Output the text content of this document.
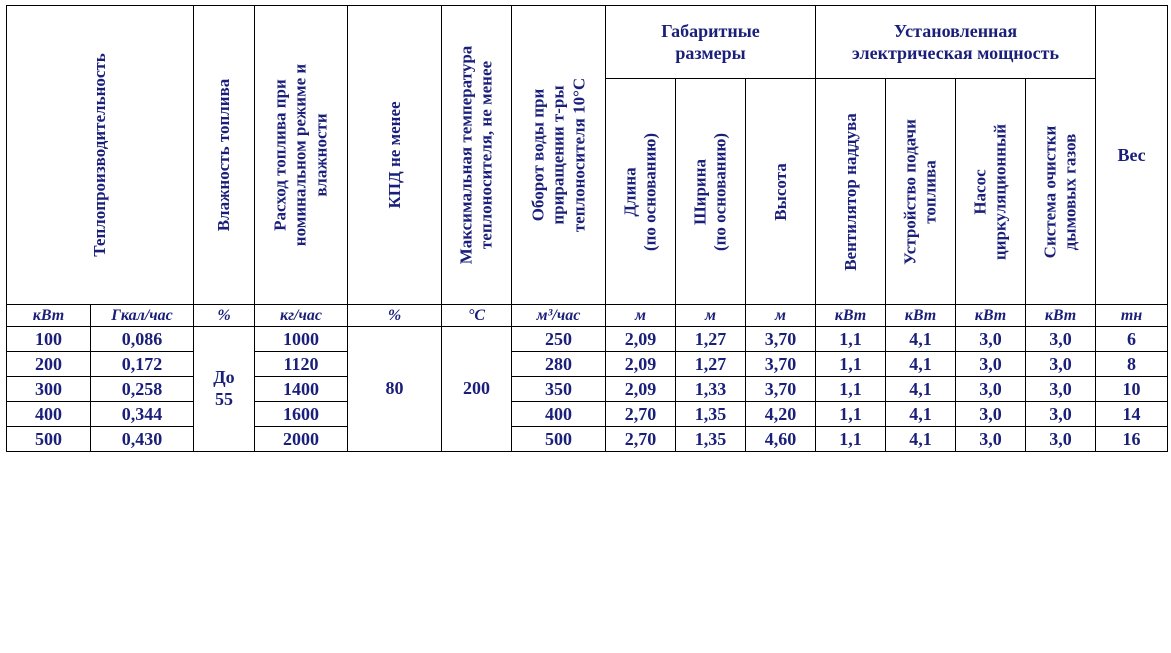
Теплопроизводительность		Влажность топлива	Расход топлива при
номинальном режиме и
влажности	КПД не менее	Максимальная температура
теплоносителя, не менее	Оборот воды при
приращении т-ры
теплоносителя 10°С	Габаритные
размеры			Установленная
электрическая мощность				Вес

							Длина
(по основанию)	Ширина
(по основанию)	Высота	Вентилятор наддува	Устройство подачи
топлива	Насос
циркуляционный	Система очистки
дымовых газов	

кВт	Гкал/час	%	кг/час	%	°С	м³/час	м	м	м	кВт	кВт	кВт	кВт	тн
100	0,086	До
55	1000	80	200	250	2,09	1,27	3,70	1,1	4,1	3,0	3,0	6
200	0,172		1120			280	2,09	1,27	3,70	1,1	4,1	3,0	3,0	8
300	0,258		1400			350	2,09	1,33	3,70	1,1	4,1	3,0	3,0	10
400	0,344		1600			400	2,70	1,35	4,20	1,1	4,1	3,0	3,0	14
500	0,430		2000			500	2,70	1,35	4,60	1,1	4,1	3,0	3,0	16
